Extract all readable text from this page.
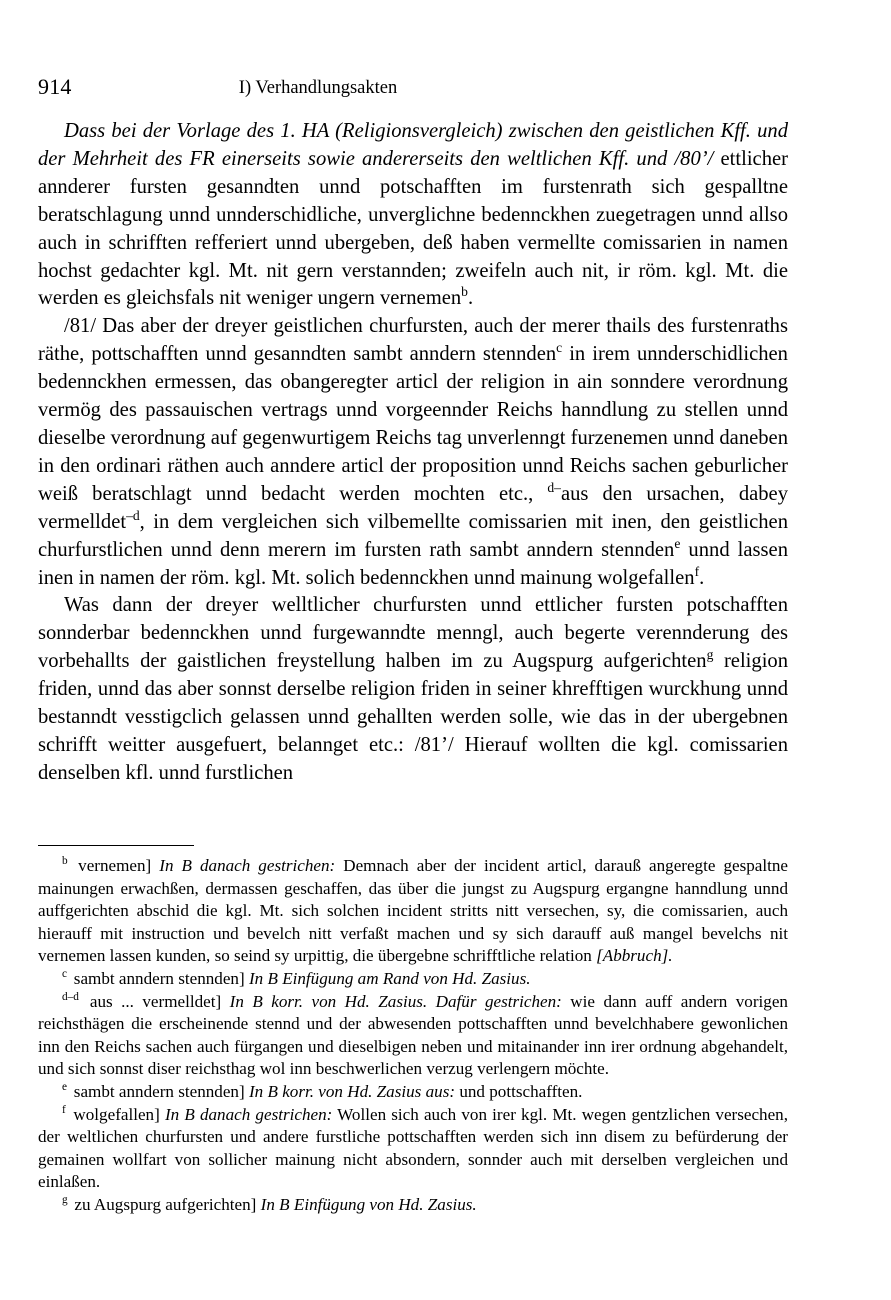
914	I) Verhandlungsakten

Dass bei der Vorlage des 1. HA (Religionsvergleich) zwischen den geistlichen Kff. und der Mehrheit des FR einerseits sowie andererseits den weltlichen Kff. und /80’/ ettlicher annderer fursten gesanndten unnd potschafften im furstenrath sich gespalltne beratschlagung unnd unnderschidliche, unverglichne bedennckhen zuegetragen unnd allso auch in schrifften refferiert unnd ubergeben, deß haben vermellte comissarien in namen hochst gedachter kgl. Mt. nit gern verstannden; zweifeln auch nit, ir röm. kgl. Mt. die werden es gleichsfals nit weniger ungern vernemen$^b$.

/81/ Das aber der dreyer geistlichen churfursten, auch der merer thails des furstenraths räthe, pottschafften unnd gesanndten sambt anndern stennden$^c$ in irem unnderschidlichen bedennckhen ermessen, das obangeregter articl der religion in ain sonndere verordnung vermög des passauischen vertrags unnd vorgeennder Reichs hanndlung zu stellen unnd dieselbe verordnung auf gegenwurtigem Reichs tag unverlenngt furzenemen unnd daneben in den ordinari räthen auch anndere articl der proposition unnd Reichs sachen geburlicher weiß beratschlagt unnd bedacht werden mochten etc., $^{d-}$aus den ursachen, dabey vermelldet$^{-d}$, in dem vergleichen sich vilbemellte comissarien mit inen, den geistlichen churfurstlichen unnd denn merern im fursten rath sambt anndern stennden$^e$ unnd lassen inen in namen der röm. kgl. Mt. solich bedennckhen unnd mainung wolgefallen$^f$.

Was dann der dreyer welltlicher churfursten unnd ettlicher fursten potschafften sonnderbar bedennckhen unnd furgewanndte menngl, auch begerte verennderung des vorbehallts der gaistlichen freystellung halben im zu Augspurg aufgerichten$^g$ religion friden, unnd das aber sonnst derselbe religion friden in seiner khrefftigen wurckhung unnd bestanndt vesstigclich gelassen unnd gehallten werden solle, wie das in der ubergebnen schrifft weitter ausgefuert, belannget etc.: /81’/ Hierauf wollten die kgl. comissarien denselben kfl. unnd furstlichen

$^b$ vernemen] In B danach gestrichen: Demnach aber der incident articl, darauß angeregte gespaltne mainungen erwachßen, dermassen geschaffen, das über die jungst zu Augspurg ergangne hanndlung unnd auffgerichten abschid die kgl. Mt. sich solchen incident stritts nitt versechen, sy, die comissarien, auch hierauff mit instruction und bevelch nitt verfaßt machen und sy sich darauff auß mangel bevelchs nit vernemen lassen kunden, so seind sy urpittig, die übergebne schrifftliche relation [Abbruch].

$^c$ sambt anndern stennden] In B Einfügung am Rand von Hd. Zasius.

$^{d-d}$ aus ... vermelldet] In B korr. von Hd. Zasius. Dafür gestrichen: wie dann auff andern vorigen reichsthägen die erscheinende stennd und der abwesenden pottschafften unnd bevelchhabere gewonlichen inn den Reichs sachen auch fürgangen und dieselbigen neben und mitainander inn irer ordnung abgehandelt, und sich sonnst diser reichsthag wol inn beschwerlichen verzug verlengern möchte.

$^e$ sambt anndern stennden] In B korr. von Hd. Zasius aus: und pottschafften.

$^f$ wolgefallen] In B danach gestrichen: Wollen sich auch von irer kgl. Mt. wegen gentzlichen versechen, der weltlichen churfursten und andere furstliche pottschafften werden sich inn disem zu befürderung der gemainen wollfart von sollicher mainung nicht absondern, sonnder auch mit derselben vergleichen und einlaßen.

$^g$ zu Augspurg aufgerichten] In B Einfügung von Hd. Zasius.
